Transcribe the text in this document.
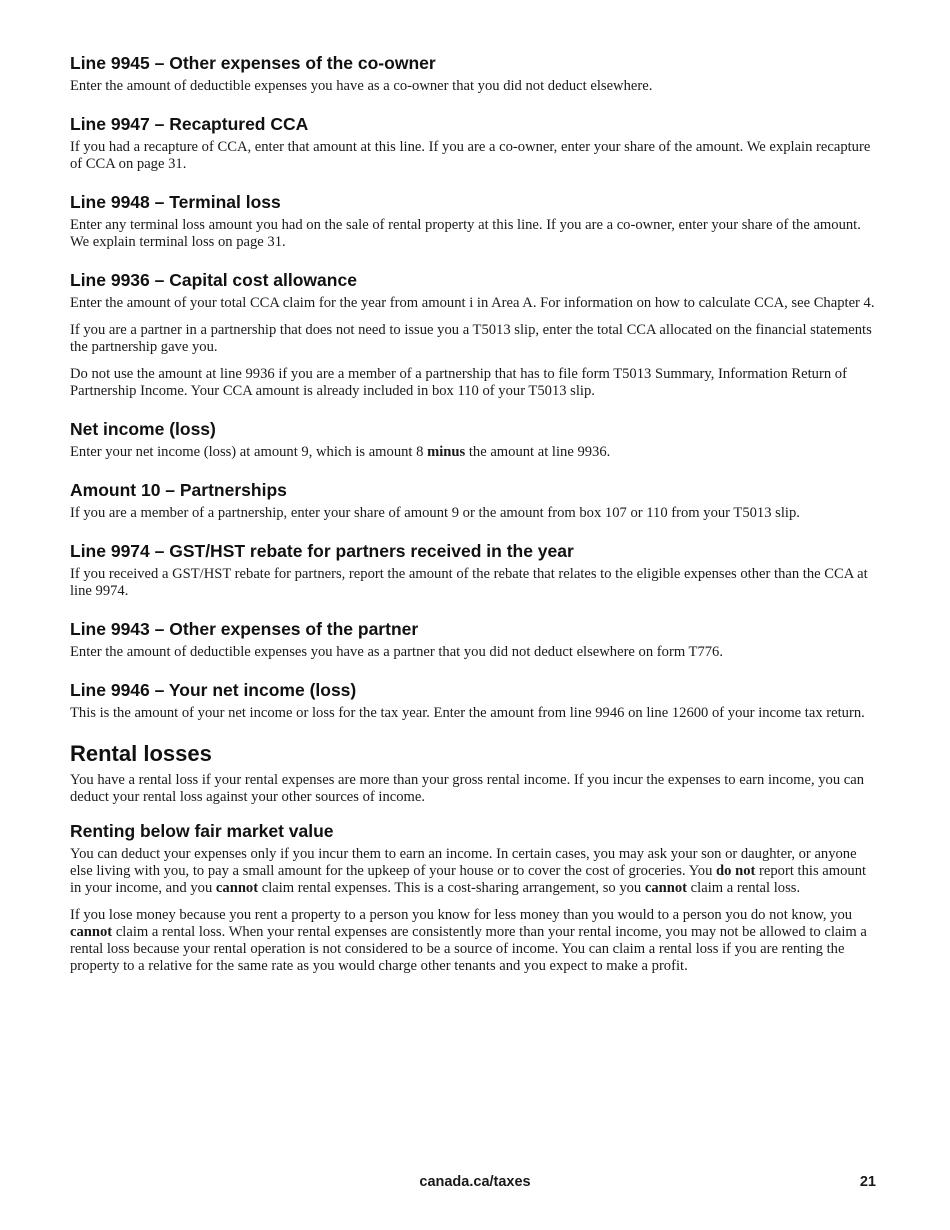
Line 9945 – Other expenses of the co-owner

Enter the amount of deductible expenses you have as a co-owner that you did not deduct elsewhere.

Line 9947 – Recaptured CCA

If you had a recapture of CCA, enter that amount at this line. If you are a co-owner, enter your share of the amount. We explain recapture of CCA on page 31.

Line 9948 – Terminal loss

Enter any terminal loss amount you had on the sale of rental property at this line. If you are a co-owner, enter your share of the amount. We explain terminal loss on page 31.

Line 9936 – Capital cost allowance

Enter the amount of your total CCA claim for the year from amount i in Area A. For information on how to calculate CCA, see Chapter 4.

If you are a partner in a partnership that does not need to issue you a T5013 slip, enter the total CCA allocated on the financial statements the partnership gave you.

Do not use the amount at line 9936 if you are a member of a partnership that has to file form T5013 Summary, Information Return of Partnership Income. Your CCA amount is already included in box 110 of your T5013 slip.

Net income (loss)

Enter your net income (loss) at amount 9, which is amount 8 minus the amount at line 9936.

Amount 10 – Partnerships

If you are a member of a partnership, enter your share of amount 9 or the amount from box 107 or 110 from your T5013 slip.

Line 9974 – GST/HST rebate for partners received in the year

If you received a GST/HST rebate for partners, report the amount of the rebate that relates to the eligible expenses other than the CCA at line 9974.

Line 9943 – Other expenses of the partner

Enter the amount of deductible expenses you have as a partner that you did not deduct elsewhere on form T776.

Line 9946 – Your net income (loss)

This is the amount of your net income or loss for the tax year. Enter the amount from line 9946 on line 12600 of your income tax return.

Rental losses

You have a rental loss if your rental expenses are more than your gross rental income. If you incur the expenses to earn income, you can deduct your rental loss against your other sources of income.

Renting below fair market value

You can deduct your expenses only if you incur them to earn an income. In certain cases, you may ask your son or daughter, or anyone else living with you, to pay a small amount for the upkeep of your house or to cover the cost of groceries. You do not report this amount in your income, and you cannot claim rental expenses. This is a cost-sharing arrangement, so you cannot claim a rental loss.

If you lose money because you rent a property to a person you know for less money than you would to a person you do not know, you cannot claim a rental loss. When your rental expenses are consistently more than your rental income, you may not be allowed to claim a rental loss because your rental operation is not considered to be a source of income. You can claim a rental loss if you are renting the property to a relative for the same rate as you would charge other tenants and you expect to make a profit.

canada.ca/taxes	21
